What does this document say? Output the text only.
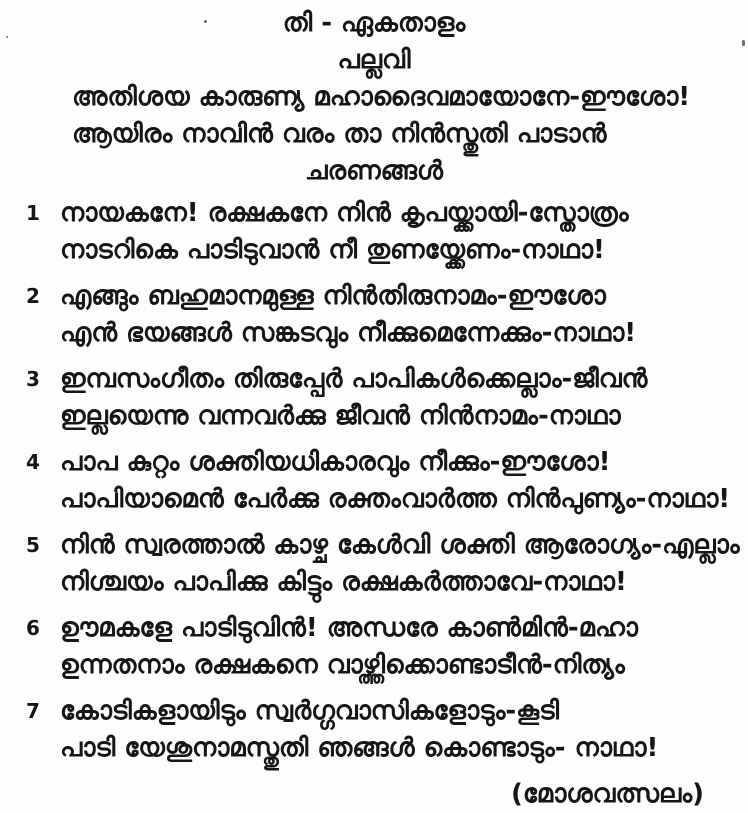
തി - ഏകതാളം
പല്ലവി
അതിശയ കാരുണ്യ മഹാദൈവമായോനേ-ഈശോ!
ആയിരം നാവിൻ വരം താ നിൻസ്തുതി പാടാൻ
ചരണങ്ങൾ
1 നായകനേ! രക്ഷകനേ നിൻ കൃപയ്ക്കായി-സ്തോത്രം
നാടറികെ പാടിടുവാൻ നീ തുണയ്ക്കേണം-നാഥാ!
2 എങ്ങും ബഹുമാനമുള്ള നിൻതിരുനാമം-ഈശോ
എൻ ഭയങ്ങൾ സങ്കടവും നീക്കുമെന്നേക്കും-നാഥാ!
3 ഇമ്പസംഗീതം തിരുപ്പേർ പാപികൾക്കെല്ലാം-ജീവൻ
ഇല്ലയെന്നു വന്നവർക്കു ജീവൻ നിൻനാമം-നാഥാ
4 പാപ കുറ്റം ശക്തിയധികാരവും നീക്കും-ഈശോ!
പാപിയാമെൻ പേർക്കു രക്തംവാർത്ത നിൻപുണ്യം-നാഥാ!
5 നിൻ സ്വരത്താൽ കാഴ്ച കേൾവി ശക്തി ആരോഗ്യം-എല്ലാം
നിശ്ചയം പാപിക്കു കിട്ടും രക്ഷകർത്താവേ-നാഥാ!
6 ഊമകളേ പാടിടുവിൻ! അന്ധരേ കാൺമിൻ-മഹാ
ഉന്നതനാം രക്ഷകനെ വാഴ്ത്തിക്കൊണ്ടാടീൻ-നിത്യം
7 കോടികളായിടും സ്വർഗ്ഗവാസികളോടും-കൂടി
പാടി യേശുനാമസ്തുതി ഞങ്ങൾ കൊണ്ടാടും- നാഥാ!
(മോശവത്സലം)
